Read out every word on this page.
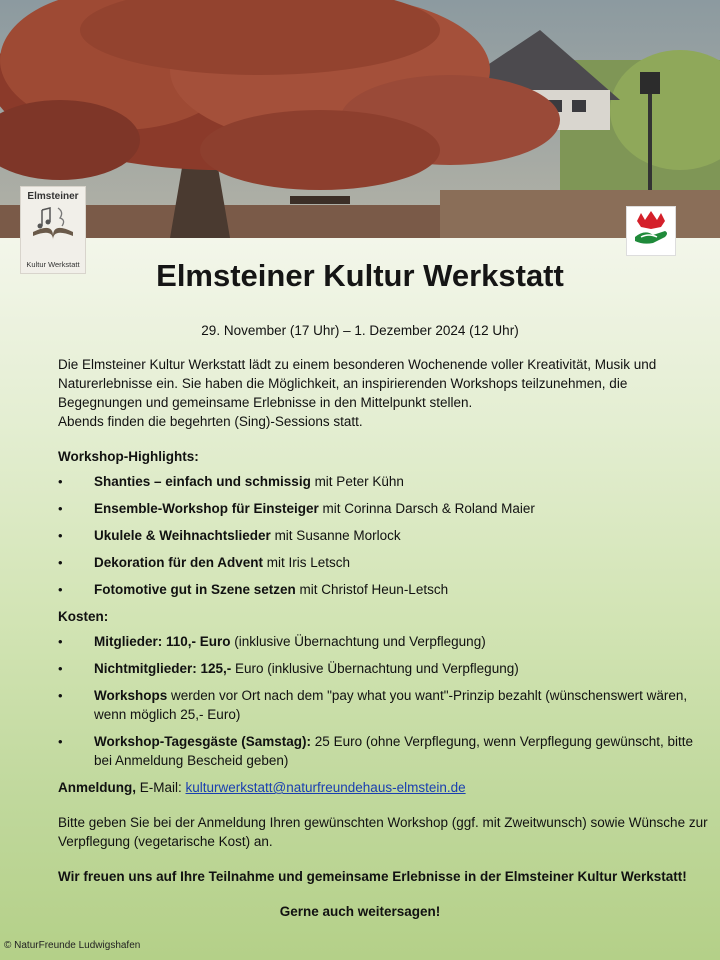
Elmsteiner
Kultur Werkstatt	Elmsteiner Kultur Werkstatt
29. November (17 Uhr) – 1. Dezember 2024 (12 Uhr)

Die Elmsteiner Kultur Werkstatt lädt zu einem besonderen Wochenende voller Kreativität, Musik und Naturerlebnisse ein. Sie haben die Möglichkeit, an inspirierenden Workshops teilzunehmen, die Begegnungen und gemeinsame Erlebnisse in den Mittelpunkt stellen.
Abends finden die begehrten (Sing)-Sessions statt.

Workshop-Highlights:

• Shanties – einfach und schmissig mit Peter Kühn
• Ensemble-Workshop für Einsteiger mit Corinna Darsch & Roland Maier
• Ukulele & Weihnachtslieder mit Susanne Morlock
• Dekoration für den Advent mit Iris Letsch
• Fotomotive gut in Szene setzen mit Christof Heun-Letsch

Kosten:

• Mitglieder: 110,- Euro (inklusive Übernachtung und Verpflegung)
• Nichtmitglieder: 125,- Euro (inklusive Übernachtung und Verpflegung)
• Workshops werden vor Ort nach dem "pay what you want"-Prinzip bezahlt (wünschenswert wären, wenn möglich 25,- Euro)
• Workshop-Tagesgäste (Samstag): 25 Euro (ohne Verpflegung, wenn Verpflegung gewünscht, bitte bei Anmeldung Bescheid geben)

Anmeldung, E-Mail: kulturwerkstatt@naturfreundehaus-elmstein.de

Bitte geben Sie bei der Anmeldung Ihren gewünschten Workshop (ggf. mit Zweitwunsch) sowie Wünsche zur Verpflegung (vegetarische Kost) an.

Wir freuen uns auf Ihre Teilnahme und gemeinsame Erlebnisse in der Elmsteiner Kultur Werkstatt!

Gerne auch weitersagen!

© NaturFreunde Ludwigshafen
